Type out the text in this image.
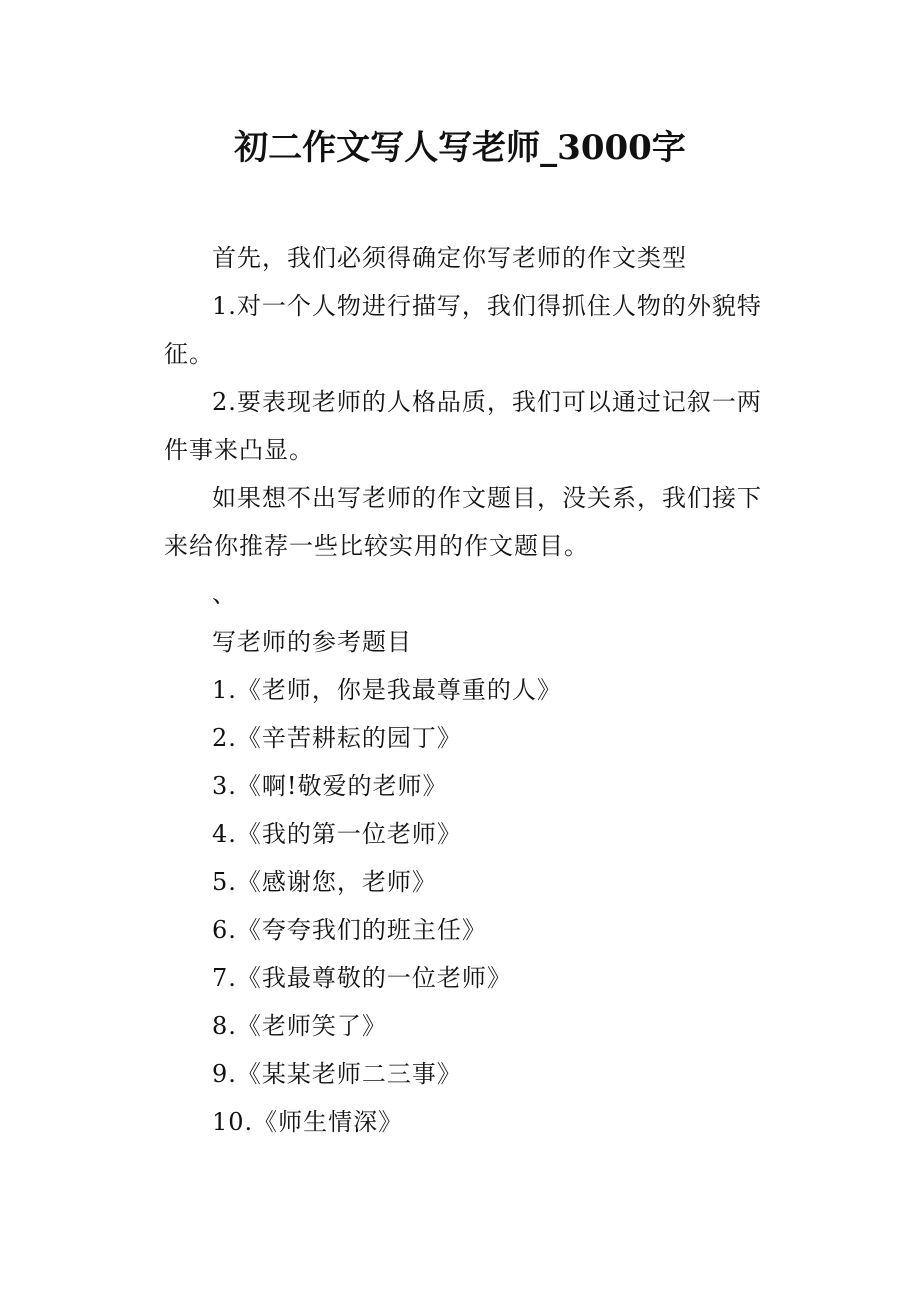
初二作文写人写老师_3000字

首先，我们必须得确定你写老师的作文类型

1.对一个人物进行描写，我们得抓住人物的外貌特征。

2.要表现老师的人格品质，我们可以通过记叙一两件事来凸显。

如果想不出写老师的作文题目，没关系，我们接下来给你推荐一些比较实用的作文题目。

、

写老师的参考题目

1.《老师，你是我最尊重的人》

2.《辛苦耕耘的园丁》

3.《啊!敬爱的老师》

4.《我的第一位老师》

5.《感谢您，老师》

6.《夸夸我们的班主任》

7.《我最尊敬的一位老师》

8.《老师笑了》

9.《某某老师二三事》

10.《师生情深》
